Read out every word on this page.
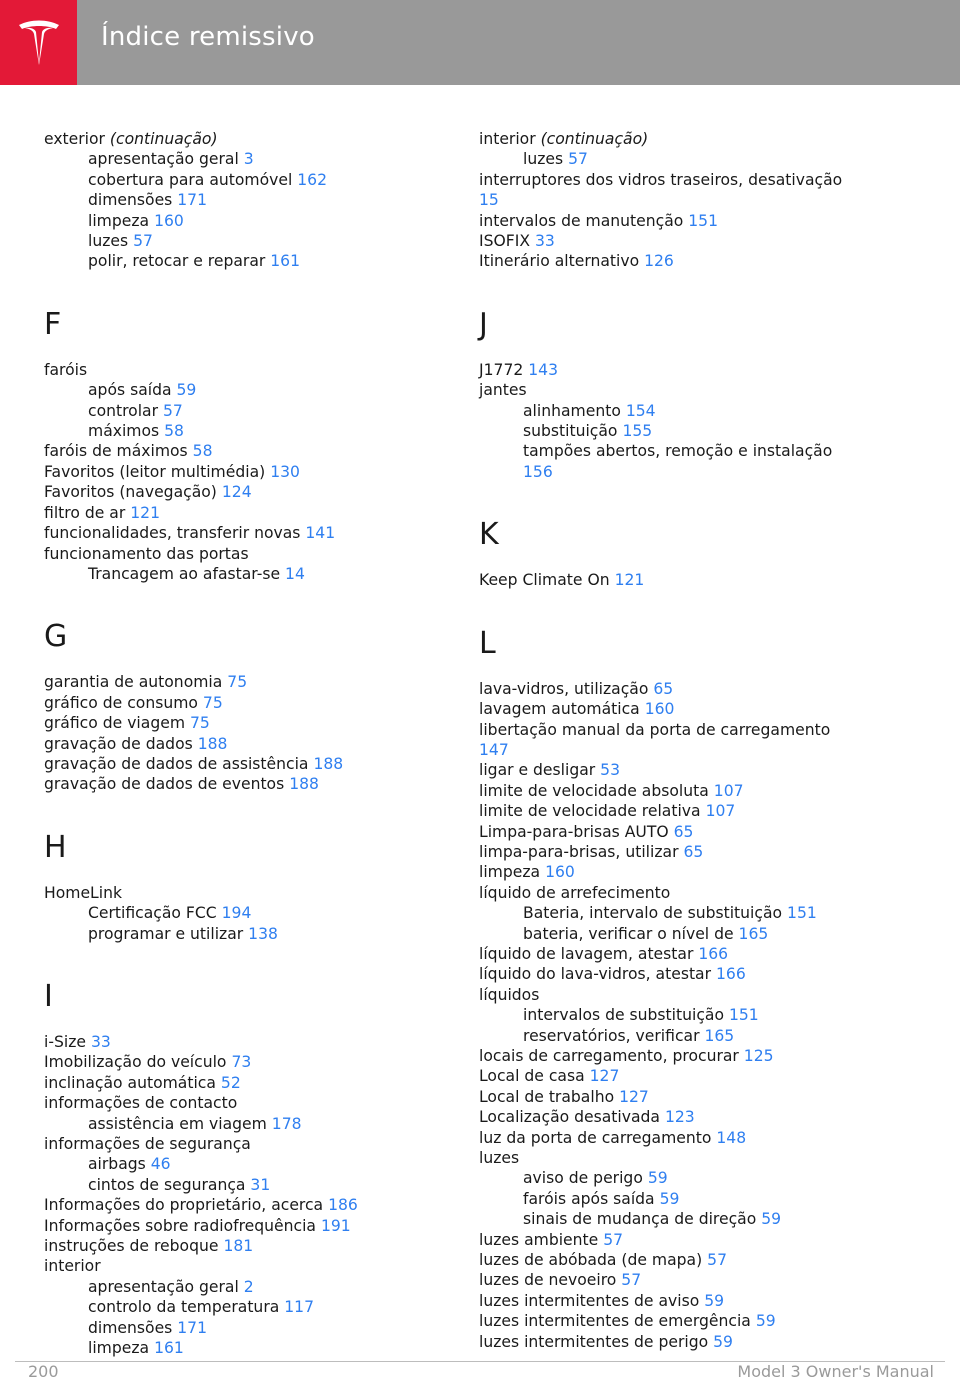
Índice remissivo
exterior (continuação)
apresentação geral 3
cobertura para automóvel 162
dimensões 171
limpeza 160
luzes 57
polir, retocar e reparar 161
F
faróis
após saída 59
controlar 57
máximos 58
faróis de máximos 58
Favoritos (leitor multimédia) 130
Favoritos (navegação) 124
filtro de ar 121
funcionalidades, transferir novas 141
funcionamento das portas
Trancagem ao afastar-se 14
G
garantia de autonomia 75
gráfico de consumo 75
gráfico de viagem 75
gravação de dados 188
gravação de dados de assistência 188
gravação de dados de eventos 188
H
HomeLink
Certificação FCC 194
programar e utilizar 138
I
i-Size 33
Imobilização do veículo 73
inclinação automática 52
informações de contacto
assistência em viagem 178
informações de segurança
airbags 46
cintos de segurança 31
Informações do proprietário, acerca 186
Informações sobre radiofrequência 191
instruções de reboque 181
interior
apresentação geral 2
controlo da temperatura 117
dimensões 171
limpeza 161
interior (continuação)
luzes 57
interruptores dos vidros traseiros, desativação
15
intervalos de manutenção 151
ISOFIX 33
Itinerário alternativo 126
J
J1772 143
jantes
alinhamento 154
substituição 155
tampões abertos, remoção e instalação
156
K
Keep Climate On 121
L
lava-vidros, utilização 65
lavagem automática 160
libertação manual da porta de carregamento
147
ligar e desligar 53
limite de velocidade absoluta 107
limite de velocidade relativa 107
Limpa-para-brisas AUTO 65
limpa-para-brisas, utilizar 65
limpeza 160
líquido de arrefecimento
Bateria, intervalo de substituição 151
bateria, verificar o nível de 165
líquido de lavagem, atestar 166
líquido do lava-vidros, atestar 166
líquidos
intervalos de substituição 151
reservatórios, verificar 165
locais de carregamento, procurar 125
Local de casa 127
Local de trabalho 127
Localização desativada 123
luz da porta de carregamento 148
luzes
aviso de perigo 59
faróis após saída 59
sinais de mudança de direção 59
luzes ambiente 57
luzes de abóbada (de mapa) 57
luzes de nevoeiro 57
luzes intermitentes de aviso 59
luzes intermitentes de emergência 59
luzes intermitentes de perigo 59
200	Model 3 Owner's Manual
